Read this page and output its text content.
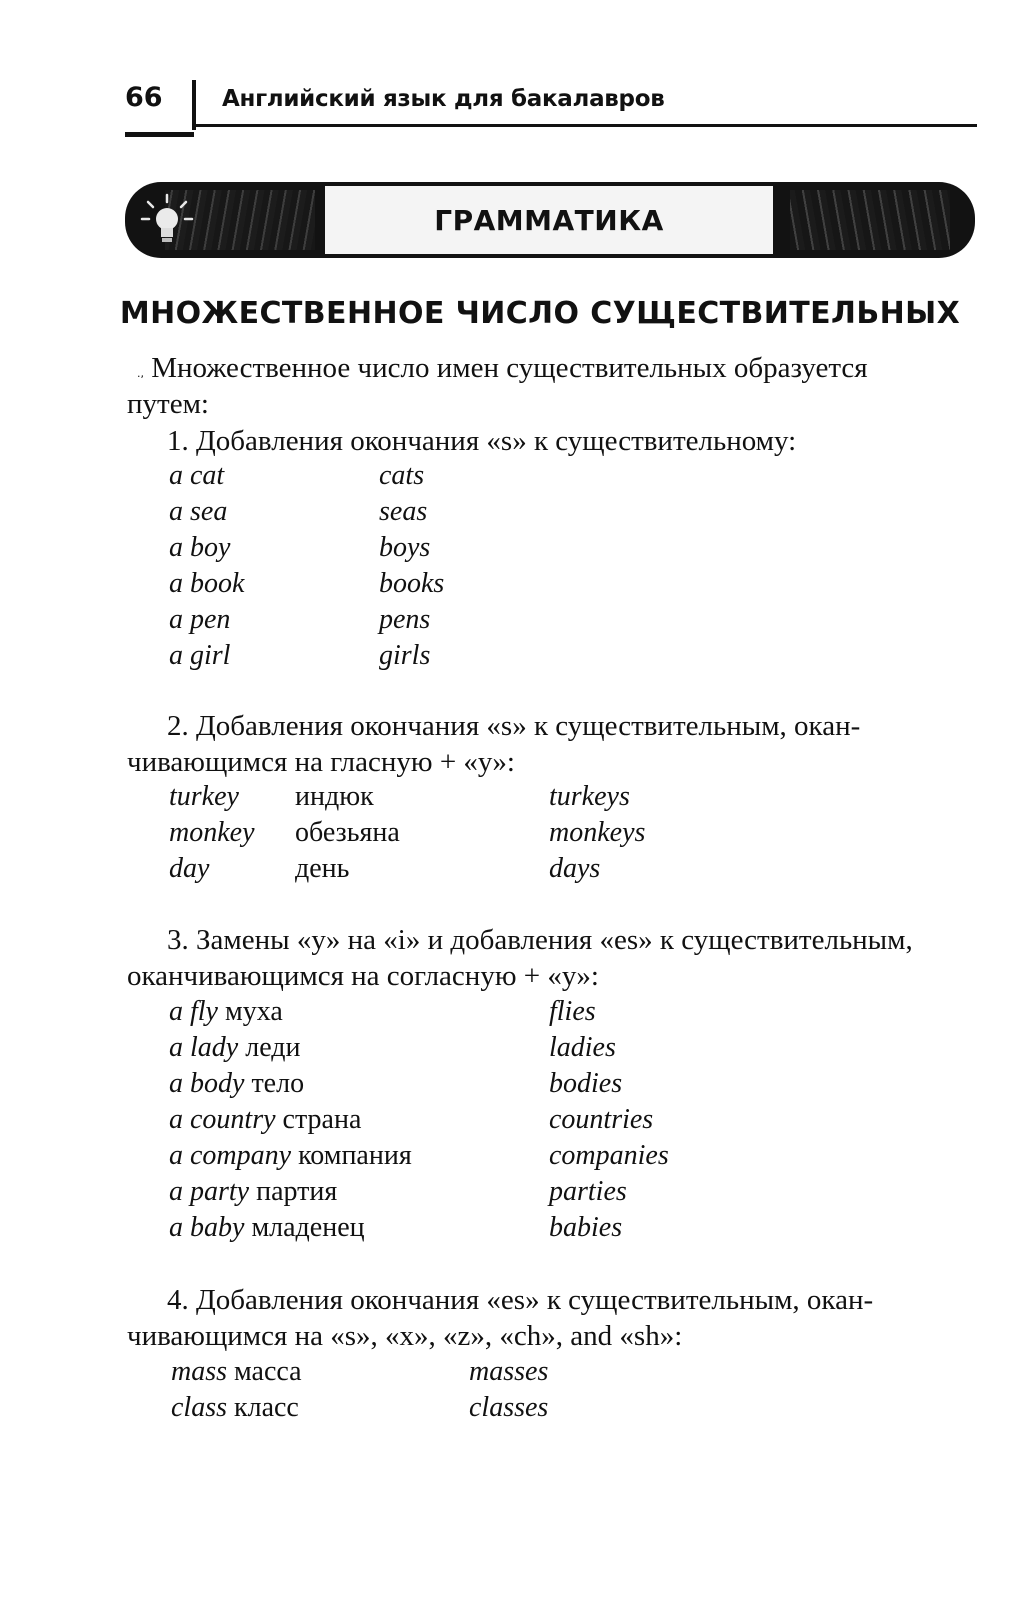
66	Английский язык для бакалавров
ГРАММАТИКА
МНОЖЕСТВЕННОЕ ЧИСЛО СУЩЕСТВИТЕЛЬНЫХ
., Множественное число имен существительных образуется
путем:
1. Добавления окончания «s» к существительному:
a cat	cats
a sea	seas
a boy	boys
a book	books
a pen	pens
a girl	girls
2. Добавления окончания «s» к существительным, окан-
чивающимся на гласную + «y»:
turkey индюк	turkeys
monkey обезьяна	monkeys
day	день	days
3. Замены «y» на «i» и добавления «es» к существительным,
оканчивающимся на согласную + «y»:
a fly муха	flies
a lady леди	ladies
a body тело	bodies
a country страна	countries
a company компания	companies
a party партия	parties
a baby младенец	babies
4. Добавления окончания «es» к существительным, окан-
чивающимся на «s», «x», «z», «ch», and «sh»:
mass масса	masses
class класс	classes
